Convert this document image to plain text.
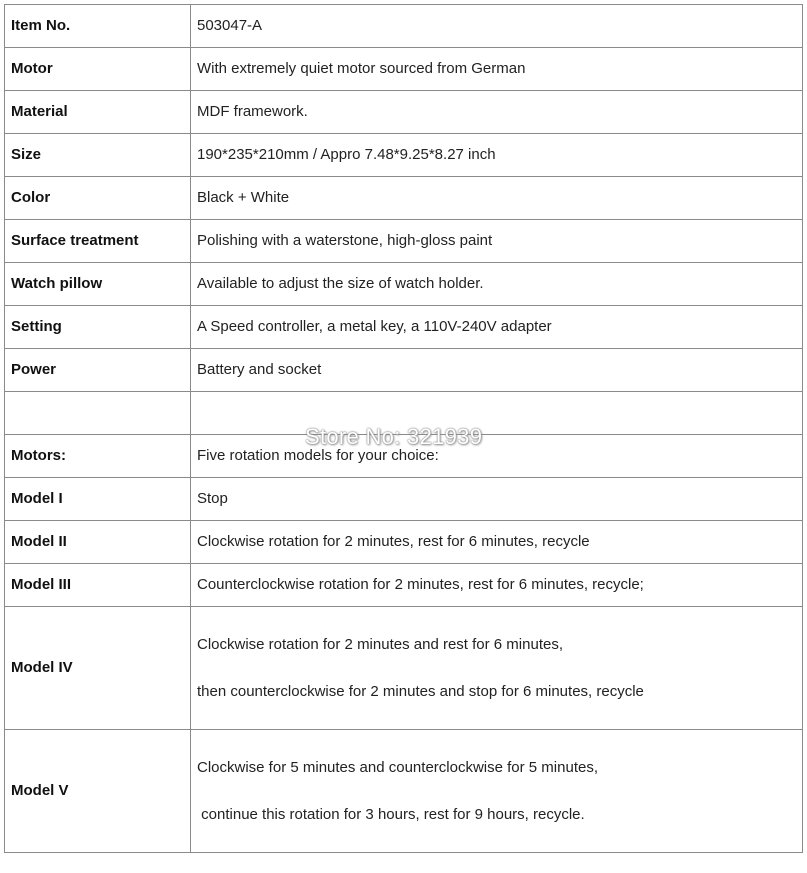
Item No.	503047-A
Motor	With extremely quiet motor sourced from German
Material	MDF framework.
Size	190*235*210mm / Appro 7.48*9.25*8.27 inch
Color	Black + White
Surface treatment	Polishing with a waterstone, high-gloss paint
Watch pillow	Available to adjust the size of watch holder.
Setting	A Speed controller, a metal key, a 110V-240V adapter
Power	Battery and socket

Motors:	Five rotation models for your choice:
Model I	Stop
Model II	Clockwise rotation for 2 minutes, rest for 6 minutes, recycle
Model III	Counterclockwise rotation for 2 minutes, rest for 6 minutes, recycle;
Model IV	Clockwise rotation for 2 minutes and rest for 6 minutes,
then counterclockwise for 2 minutes and stop for 6 minutes, recycle

Model V	Clockwise for 5 minutes and counterclockwise for 5 minutes,
continue this rotation for 3 hours, rest for 9 hours, recycle.
Store No: 321939
